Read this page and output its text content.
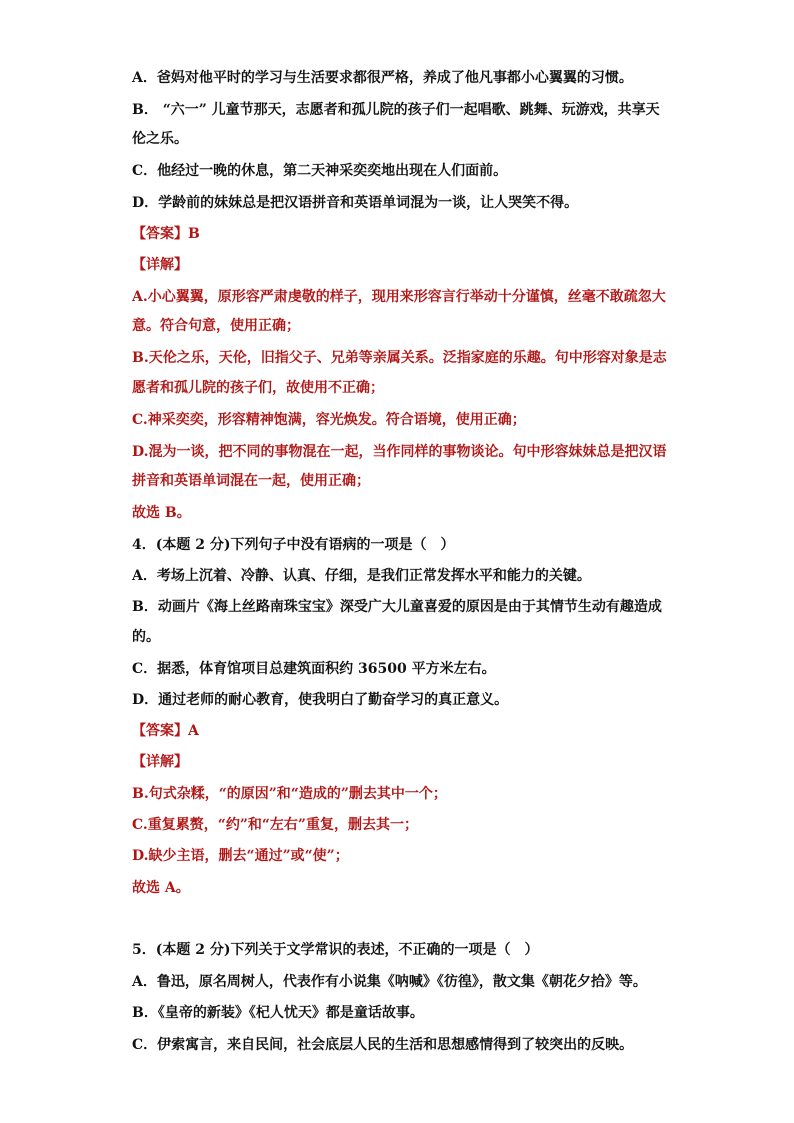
A．爸妈对他平时的学习与生活要求都很严格，养成了他凡事都小心翼翼的习惯。
B． “六一” 儿童节那天，志愿者和孤儿院的孩子们一起唱歌、跳舞、玩游戏，共享天
伦之乐。
C．他经过一晚的休息，第二天神采奕奕地出现在人们面前。
D．学龄前的妹妹总是把汉语拼音和英语单词混为一谈，让人哭笑不得。
【答案】B
【详解】
A.小心翼翼，原形容严肃虔敬的样子，现用来形容言行举动十分谨慎，丝毫不敢疏忽大
意。符合句意，使用正确；
B.天伦之乐，天伦，旧指父子、兄弟等亲属关系。泛指家庭的乐趣。句中形容对象是志
愿者和孤儿院的孩子们，故使用不正确；
C.神采奕奕，形容精神饱满，容光焕发。符合语境，使用正确；
D.混为一谈，把不同的事物混在一起，当作同样的事物谈论。句中形容妹妹总是把汉语
拼音和英语单词混在一起，使用正确；
故选 B。
4．(本题 2 分)下列句子中没有语病的一项是（　）
A．考场上沉着、冷静、认真、仔细，是我们正常发挥水平和能力的关键。
B．动画片《海上丝路南珠宝宝》深受广大儿童喜爱的原因是由于其情节生动有趣造成
的。
C．据悉，体育馆项目总建筑面积约 36500 平方米左右。
D．通过老师的耐心教育，使我明白了勤奋学习的真正意义。
【答案】A
【详解】
B.句式杂糅，“的原因”和“造成的”删去其中一个；
C.重复累赘，“约”和“左右”重复，删去其一；
D.缺少主语，删去“通过”或“使”；
故选 A。
5．(本题 2 分)下列关于文学常识的表述，不正确的一项是（　）
A．鲁迅，原名周树人，代表作有小说集《呐喊》《彷徨》，散文集《朝花夕拾》等。
B．《皇帝的新装》《杞人忧天》都是童话故事。
C．伊索寓言，来自民间，社会底层人民的生活和思想感情得到了较突出的反映。
